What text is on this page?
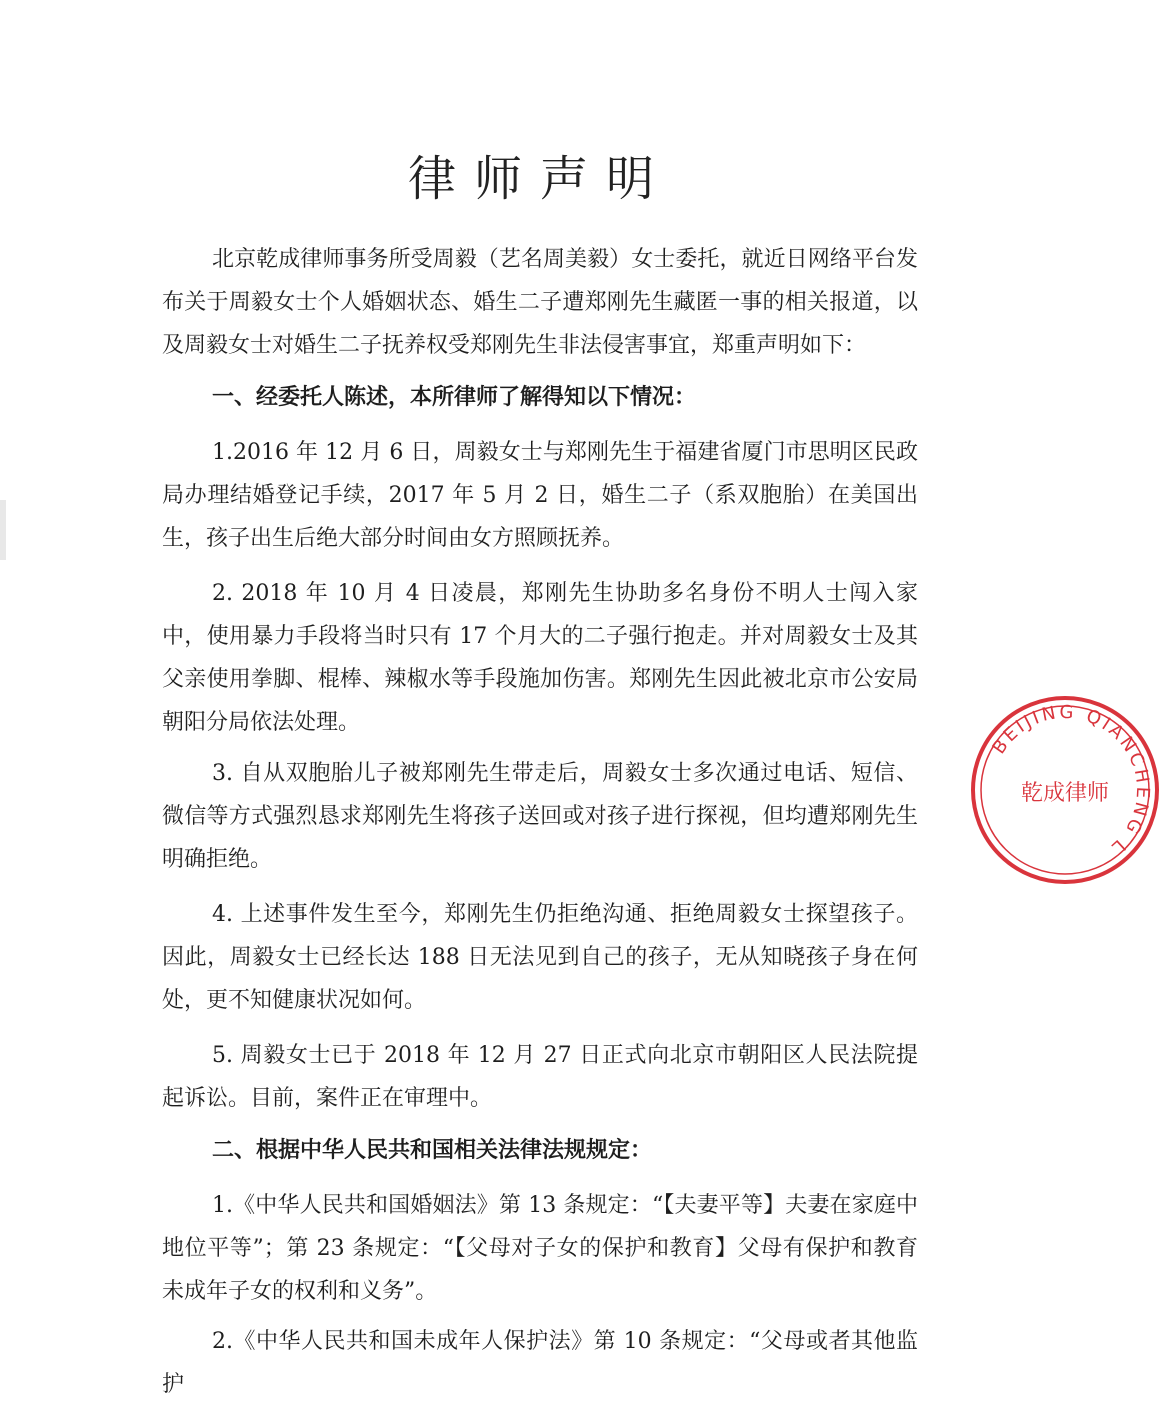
律师声明

北京乾成律师事务所受周毅（艺名周美毅）女士委托，就近日网络平台发布关于周毅女士个人婚姻状态、婚生二子遭郑刚先生藏匿一事的相关报道，以及周毅女士对婚生二子抚养权受郑刚先生非法侵害事宜，郑重声明如下：

一、经委托人陈述，本所律师了解得知以下情况：

1.2016 年 12 月 6 日，周毅女士与郑刚先生于福建省厦门市思明区民政局办理结婚登记手续，2017 年 5 月 2 日，婚生二子（系双胞胎）在美国出生，孩子出生后绝大部分时间由女方照顾抚养。

2. 2018 年 10 月 4 日凌晨，郑刚先生协助多名身份不明人士闯入家中，使用暴力手段将当时只有 17 个月大的二子强行抱走。并对周毅女士及其父亲使用拳脚、棍棒、辣椒水等手段施加伤害。郑刚先生因此被北京市公安局朝阳分局依法处理。

3. 自从双胞胎儿子被郑刚先生带走后，周毅女士多次通过电话、短信、微信等方式强烈恳求郑刚先生将孩子送回或对孩子进行探视，但均遭郑刚先生明确拒绝。

4. 上述事件发生至今，郑刚先生仍拒绝沟通、拒绝周毅女士探望孩子。因此，周毅女士已经长达 188 日无法见到自己的孩子，无从知晓孩子身在何处，更不知健康状况如何。

5. 周毅女士已于 2018 年 12 月 27 日正式向北京市朝阳区人民法院提起诉讼。目前，案件正在审理中。

二、根据中华人民共和国相关法律法规规定：

1.《中华人民共和国婚姻法》第 13 条规定：“【夫妻平等】夫妻在家庭中地位平等”；第 23 条规定：“【父母对子女的保护和教育】父母有保护和教育未成年子女的权利和义务”。

2.《中华人民共和国未成年人保护法》第 10 条规定：“父母或者其他监护

BEIJING QIANCHENG L
乾成律师
